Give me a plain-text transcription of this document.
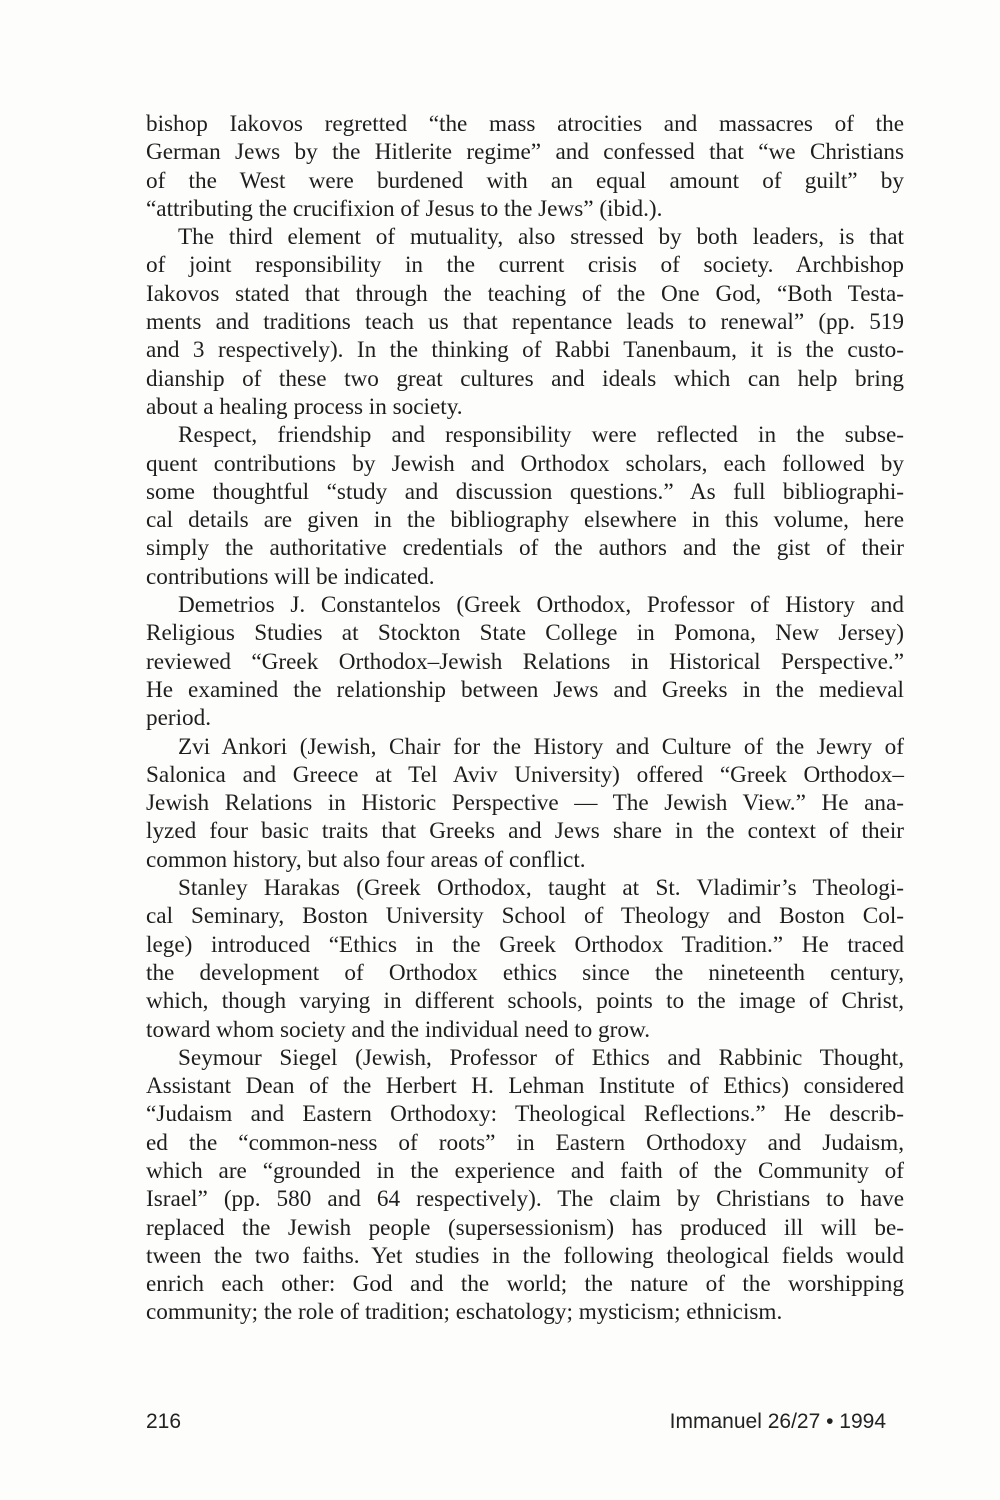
bishop Iakovos regretted “the mass atrocities and massacres of the
German Jews by the Hitlerite regime” and confessed that “we Christians
of the West were burdened with an equal amount of guilt” by
“attributing the crucifixion of Jesus to the Jews” (ibid.).

The third element of mutuality, also stressed by both leaders, is that
of joint responsibility in the current crisis of society. Archbishop
Iakovos stated that through the teaching of the One God, “Both Testa-
ments and traditions teach us that repentance leads to renewal” (pp. 519
and 3 respectively). In the thinking of Rabbi Tanenbaum, it is the custo-
dianship of these two great cultures and ideals which can help bring
about a healing process in society.

Respect, friendship and responsibility were reflected in the subse-
quent contributions by Jewish and Orthodox scholars, each followed by
some thoughtful “study and discussion questions.” As full bibliographi-
cal details are given in the bibliography elsewhere in this volume, here
simply the authoritative credentials of the authors and the gist of their
contributions will be indicated.

Demetrios J. Constantelos (Greek Orthodox, Professor of History and
Religious Studies at Stockton State College in Pomona, New Jersey)
reviewed “Greek Orthodox–Jewish Relations in Historical Perspective.”
He examined the relationship between Jews and Greeks in the medieval
period.

Zvi Ankori (Jewish, Chair for the History and Culture of the Jewry of
Salonica and Greece at Tel Aviv University) offered “Greek Orthodox–
Jewish Relations in Historic Perspective — The Jewish View.” He ana-
lyzed four basic traits that Greeks and Jews share in the context of their
common history, but also four areas of conflict.

Stanley Harakas (Greek Orthodox, taught at St. Vladimir’s Theologi-
cal Seminary, Boston University School of Theology and Boston Col-
lege) introduced “Ethics in the Greek Orthodox Tradition.” He traced
the development of Orthodox ethics since the nineteenth century,
which, though varying in different schools, points to the image of Christ,
toward whom society and the individual need to grow.

Seymour Siegel (Jewish, Professor of Ethics and Rabbinic Thought,
Assistant Dean of the Herbert H. Lehman Institute of Ethics) considered
“Judaism and Eastern Orthodoxy: Theological Reflections.” He describ-
ed the “common-ness of roots” in Eastern Orthodoxy and Judaism,
which are “grounded in the experience and faith of the Community of
Israel” (pp. 580 and 64 respectively). The claim by Christians to have
replaced the Jewish people (supersessionism) has produced ill will be-
tween the two faiths. Yet studies in the following theological fields would
enrich each other: God and the world; the nature of the worshipping
community; the role of tradition; eschatology; mysticism; ethnicism.

216	Immanuel 26/27 • 1994
